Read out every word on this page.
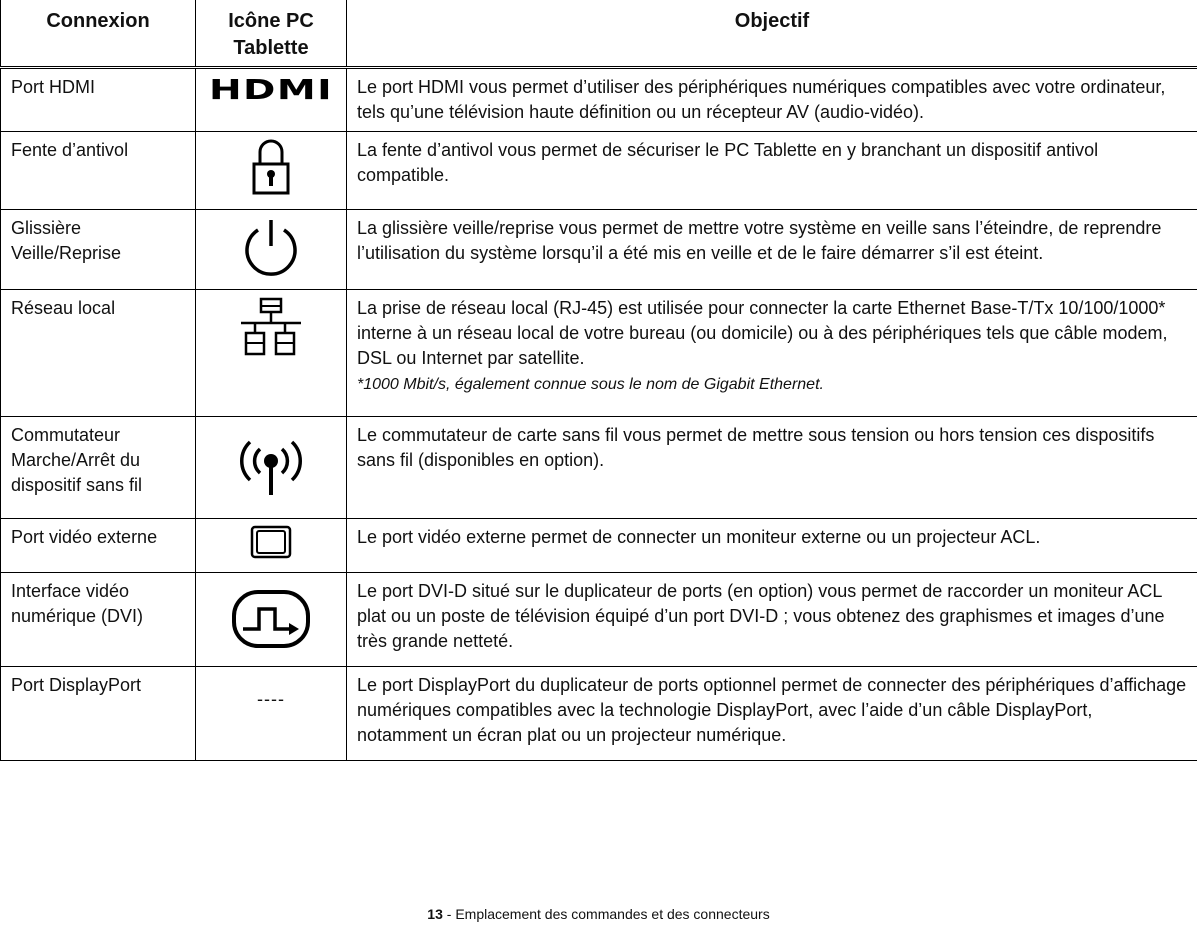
Connexion	Icône PC Tablette	Objectif
Port HDMI	HDMI	Le port HDMI vous permet d’utiliser des périphériques numériques compatibles avec votre ordinateur, tels qu’une télévision haute définition ou un récepteur AV (audio-vidéo).
Fente d’antivol		La fente d’antivol vous permet de sécuriser le PC Tablette en y branchant un dispositif antivol compatible.
Glissière Veille/Reprise		La glissière veille/reprise vous permet de mettre votre système en veille sans l’éteindre, de reprendre l’utilisation du système lorsqu’il a été mis en veille et de le faire démarrer s’il est éteint.
Réseau local		La prise de réseau local (RJ-45) est utilisée pour connecter la carte Ethernet Base-T/Tx 10/100/1000* interne à un réseau local de votre bureau (ou domicile) ou à des périphériques tels que câble modem, DSL ou Internet par satellite.
*1000 Mbit/s, également connue sous le nom de Gigabit Ethernet.

Commutateur Marche/Arrêt du dispositif sans fil		Le commutateur de carte sans fil vous permet de mettre sous tension ou hors tension ces dispositifs sans fil (disponibles en option).
Port vidéo externe		Le port vidéo externe permet de connecter un moniteur externe ou un projecteur ACL.
Interface vidéo numérique (DVI)		Le port DVI-D situé sur le duplicateur de ports (en option) vous permet de raccorder un moniteur ACL plat ou un poste de télévision équipé d’un port DVI-D ; vous obtenez des graphismes et images d’une très grande netteté.
Port DisplayPort	----	Le port DisplayPort du duplicateur de ports optionnel permet de connecter des périphériques d’affichage numériques compatibles avec la technologie DisplayPort, avec l’aide d’un câble DisplayPort, notamment un écran plat ou un projecteur numérique.
13 - Emplacement des commandes et des connecteurs
